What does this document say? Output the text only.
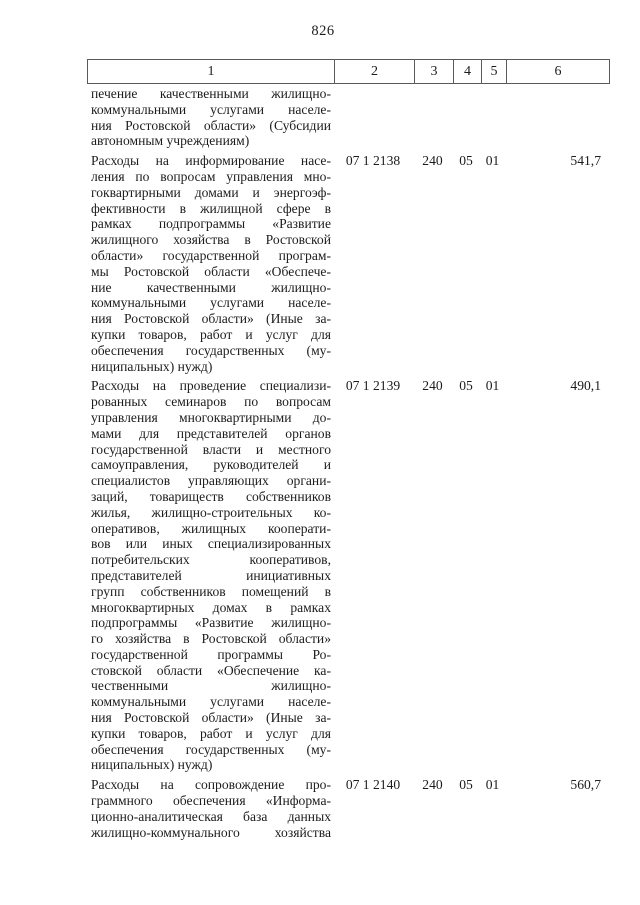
826
1	2	3	4	5	6
печение качественными жилищно-
коммунальными услугами населе-
ния Ростовской области» (Субсидии
автономным учреждениям)
Расходы на информирование насе-
ления по вопросам управления мно-
гоквартирными домами и энергоэф-
фективности в жилищной сфере в
рамках подпрограммы «Развитие
жилищного хозяйства в Ростовской
области» государственной програм-
мы Ростовской области «Обеспече-
ние качественными жилищно-
коммунальными услугами населе-
ния Ростовской области» (Иные за-
купки товаров, работ и услуг для
обеспечения государственных (му-
ниципальных) нужд)
07 1 2138	240	05 01	541,7
Расходы на проведение специализи-
рованных семинаров по вопросам
управления многоквартирными до-
мами для представителей органов
государственной власти и местного
самоуправления, руководителей и
специалистов управляющих органи-
заций, товариществ собственников
жилья, жилищно-строительных ко-
оперативов, жилищных кооперати-
вов или иных специализированных
потребительских кооперативов,
представителей инициативных
групп собственников помещений в
многоквартирных домах в рамках
подпрограммы «Развитие жилищно-
го хозяйства в Ростовской области»
государственной программы Ро-
стовской области «Обеспечение ка-
чественными жилищно-
коммунальными услугами населе-
ния Ростовской области» (Иные за-
купки товаров, работ и услуг для
обеспечения государственных (му-
ниципальных) нужд)
07 1 2139	240	05 01	490,1
Расходы на сопровождение про-
граммного обеспечения «Информа-
ционно-аналитическая база данных
жилищно-коммунального хозяйства
07 1 2140	240	05 01	560,7
